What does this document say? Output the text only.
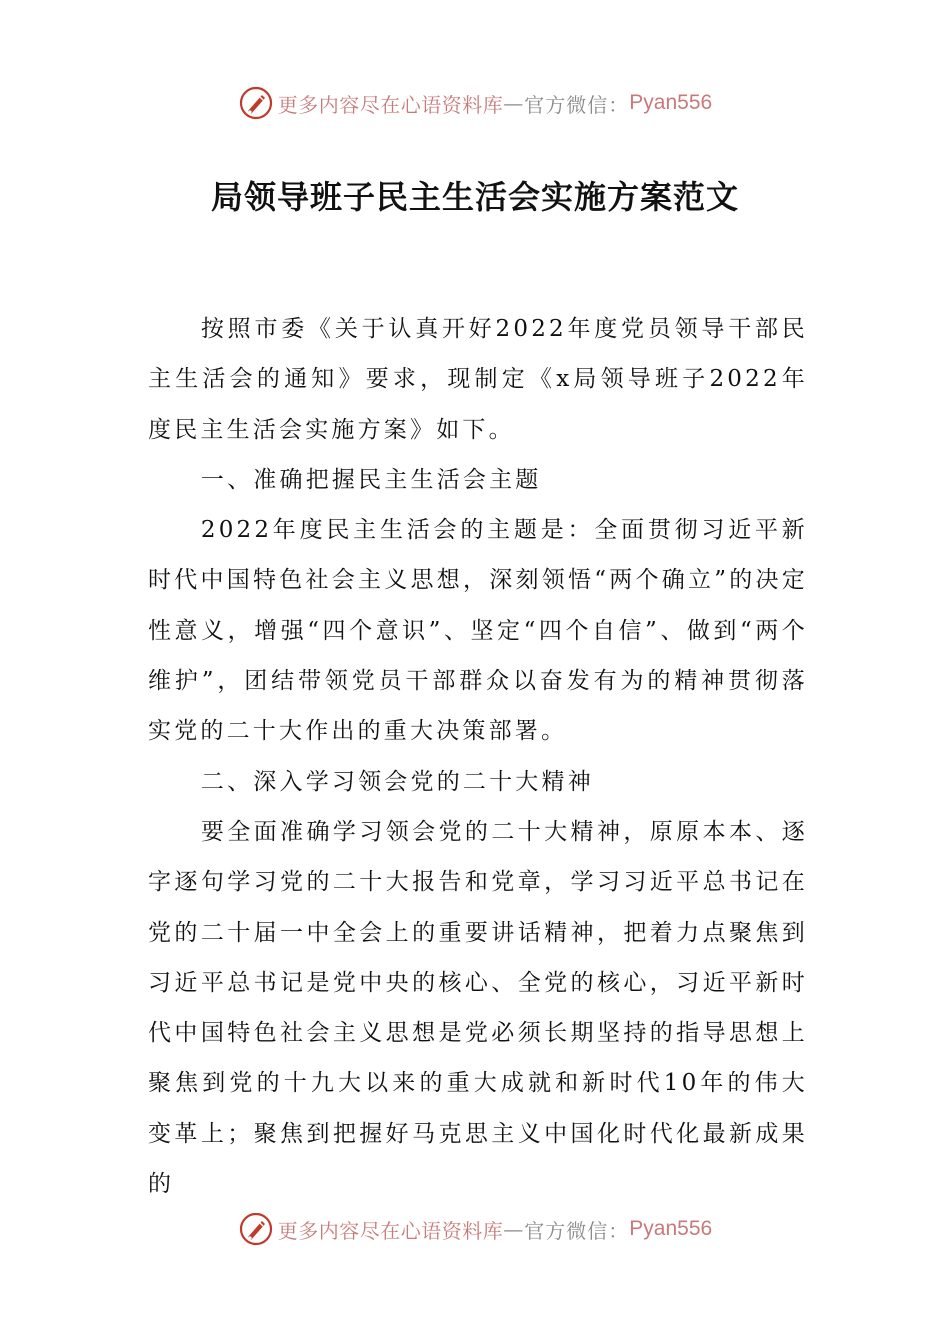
更多内容尽在心语资料库 — 官方微信： Pyan556
局领导班子民主生活会实施方案范文

按照市委《关于认真开好2022年度党员领导干部民主生活会的通知》要求，现制定《x局领导班子2022年度民主生活会实施方案》如下。

一、准确把握民主生活会主题

2022年度民主生活会的主题是：全面贯彻习近平新时代中国特色社会主义思想，深刻领悟“两个确立”的决定性意义，增强“四个意识”、坚定“四个自信”、做到“两个维护”，团结带领党员干部群众以奋发有为的精神贯彻落实党的二十大作出的重大决策部署。

二、深入学习领会党的二十大精神

要全面准确学习领会党的二十大精神，原原本本、逐字逐句学习党的二十大报告和党章，学习习近平总书记在党的二十届一中全会上的重要讲话精神，把着力点聚焦到习近平总书记是党中央的核心、全党的核心，习近平新时代中国特色社会主义思想是党必须长期坚持的指导思想上聚焦到党的十九大以来的重大成就和新时代10年的伟大变革上；聚焦到把握好马克思主义中国化时代化最新成果的

更多内容尽在心语资料库 — 官方微信： Pyan556
